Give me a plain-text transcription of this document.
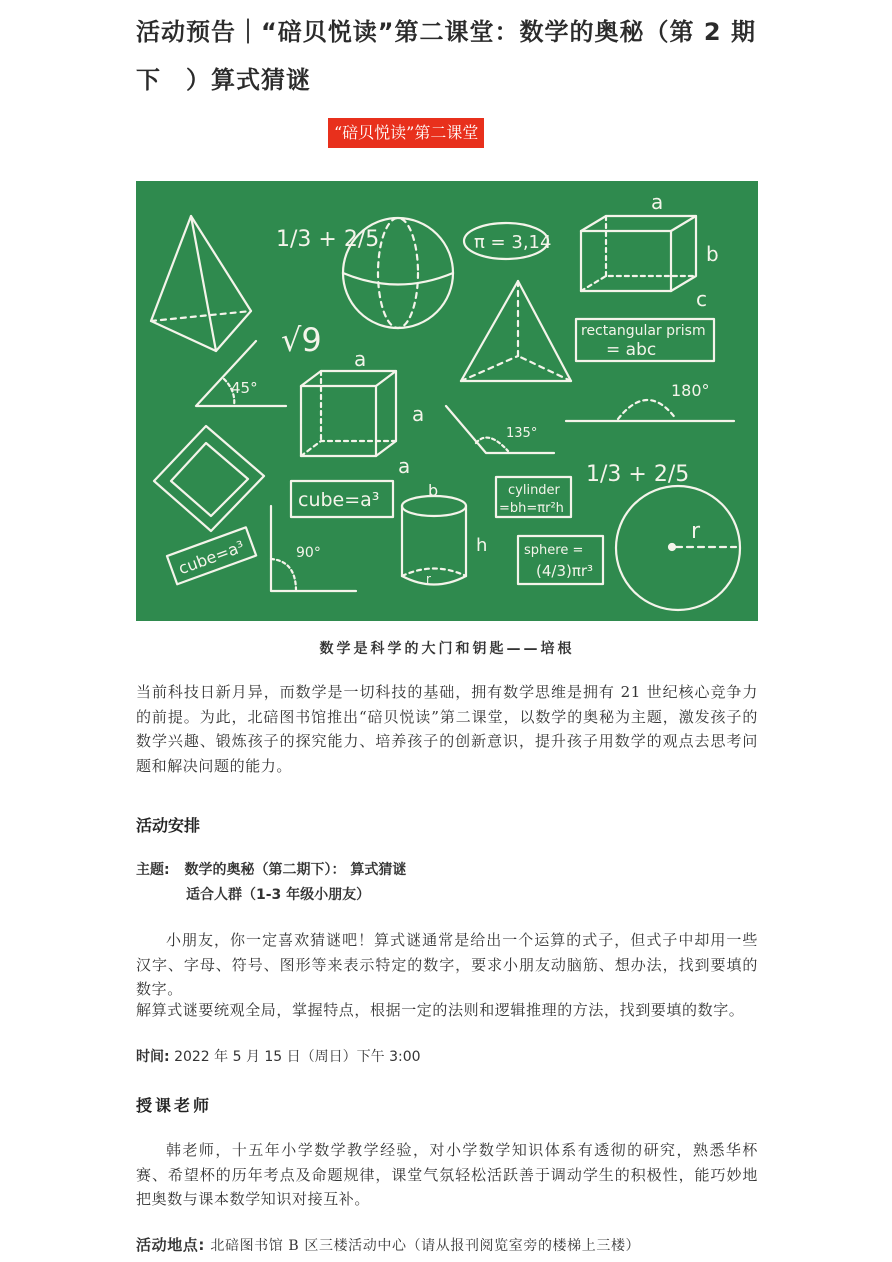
活动预告｜“碚贝悦读”第二课堂：数学的奥秘（第 2 期下　）算式猜谜
“碚贝悦读”第二课堂
1/3 + 2/5	π = 3,14
a
b
c
rectangular prism
= abc
√9
45°	180°
a
a
a
135°
1/3 + 2/5
cube=a³	b
h
r
cylinder
=bh=πr²h
sphere =
(4/3)πr³
90°
cube=a³
r
数学是科学的大门和钥匙——培根

当前科技日新月异，而数学是一切科技的基础，拥有数学思维是拥有 21 世纪核心竞争力的前提。为此，北碚图书馆推出“碚贝悦读”第二课堂，以数学的奥秘为主题，激发孩子的数学兴趣、锻炼孩子的探究能力、培养孩子的创新意识，提升孩子用数学的观点去思考问题和解决问题的能力。

活动安排
主题: 数学的奥秘（第二期下）： 算式猜谜
适合人群（1-3 年级小朋友）

小朋友，你一定喜欢猜谜吧！算式谜通常是给出一个运算的式子，但式子中却用一些汉字、字母、符号、图形等来表示特定的数字，要求小朋友动脑筋、想办法，找到要填的数字。

解算式谜要统观全局，掌握特点，根据一定的法则和逻辑推理的方法，找到要填的数字。

时间: 2022 年 5 月 15 日（周日）下午 3:00
授课老师

韩老师，十五年小学数学教学经验，对小学数学知识体系有透彻的研究，熟悉华杯赛、希望杯的历年考点及命题规律，课堂气氛轻松活跃善于调动学生的积极性，能巧妙地把奥数与课本数学知识对接互补。

活动地点: 北碚图书馆 B 区三楼活动中心（请从报刊阅览室旁的楼梯上三楼）
